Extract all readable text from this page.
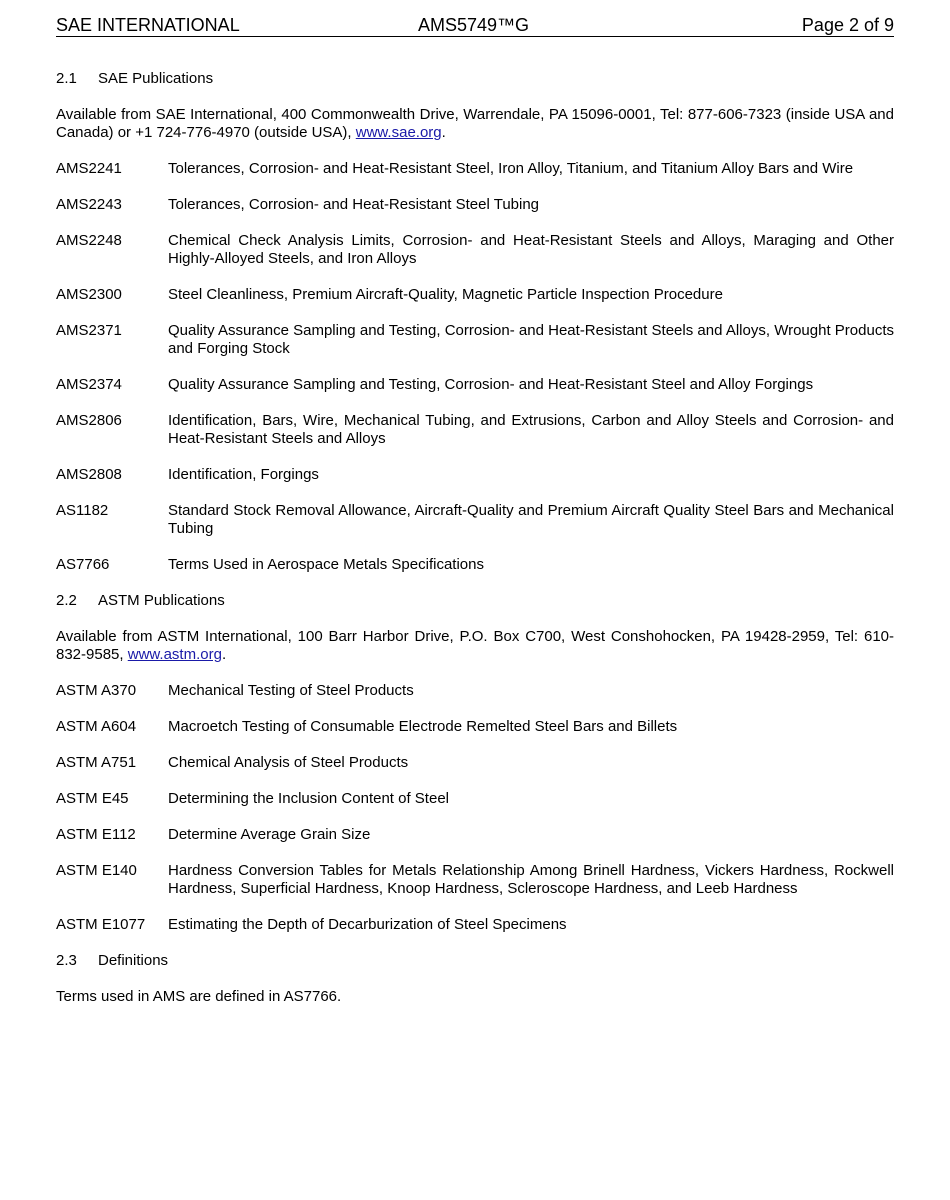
SAE INTERNATIONAL	AMS5749™G	Page 2 of 9
2.1 SAE Publications
Available from SAE International, 400 Commonwealth Drive, Warrendale, PA 15096-0001, Tel: 877-606-7323 (inside USA and Canada) or +1 724-776-4970 (outside USA), www.sae.org.
AMS2241	Tolerances, Corrosion- and Heat-Resistant Steel, Iron Alloy, Titanium, and Titanium Alloy Bars and Wire
AMS2243	Tolerances, Corrosion- and Heat-Resistant Steel Tubing
AMS2248	Chemical Check Analysis Limits, Corrosion- and Heat-Resistant Steels and Alloys, Maraging and Other Highly-Alloyed Steels, and Iron Alloys
AMS2300	Steel Cleanliness, Premium Aircraft-Quality, Magnetic Particle Inspection Procedure
AMS2371	Quality Assurance Sampling and Testing, Corrosion- and Heat-Resistant Steels and Alloys, Wrought Products and Forging Stock
AMS2374	Quality Assurance Sampling and Testing, Corrosion- and Heat-Resistant Steel and Alloy Forgings
AMS2806	Identification, Bars, Wire, Mechanical Tubing, and Extrusions, Carbon and Alloy Steels and Corrosion- and Heat-Resistant Steels and Alloys
AMS2808	Identification, Forgings
AS1182	Standard Stock Removal Allowance, Aircraft-Quality and Premium Aircraft Quality Steel Bars and Mechanical Tubing
AS7766	Terms Used in Aerospace Metals Specifications
2.2 ASTM Publications
Available from ASTM International, 100 Barr Harbor Drive, P.O. Box C700, West Conshohocken, PA 19428-2959, Tel: 610-832-9585, www.astm.org.
ASTM A370	Mechanical Testing of Steel Products
ASTM A604	Macroetch Testing of Consumable Electrode Remelted Steel Bars and Billets
ASTM A751	Chemical Analysis of Steel Products
ASTM E45	Determining the Inclusion Content of Steel
ASTM E112	Determine Average Grain Size
ASTM E140	Hardness Conversion Tables for Metals Relationship Among Brinell Hardness, Vickers Hardness, Rockwell Hardness, Superficial Hardness, Knoop Hardness, Scleroscope Hardness, and Leeb Hardness
ASTM E1077	Estimating the Depth of Decarburization of Steel Specimens
2.3 Definitions
Terms used in AMS are defined in AS7766.
